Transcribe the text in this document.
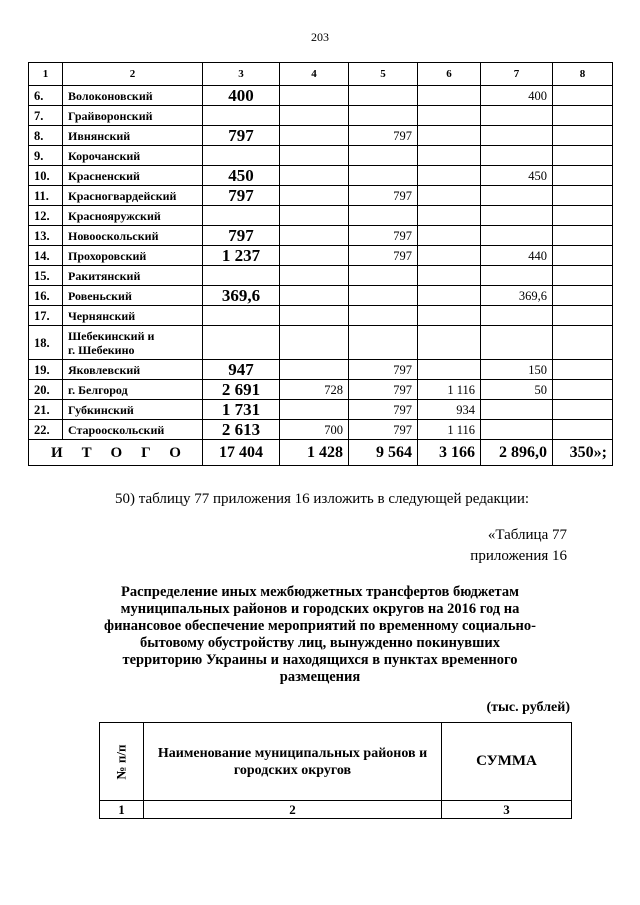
203
1	2	3	4	5	6	7	8
6.	Волоконовский	400				400	
7.	Грайворонский						
8.	Ивнянский	797		797			
9.	Корочанский						
10.	Красненский	450				450	
11.	Красногвардейский	797		797			
12.	Краснояружский						
13.	Новооскольский	797		797			
14.	Прохоровский	1 237		797		440	
15.	Ракитянский						
16.	Ровеньский	369,6				369,6	
17.	Чернянский						
18.	Шебекинский и
г. Шебекино						

19.	Яковлевский	947		797		150	
20.	г. Белгород	2 691	728	797	1 116	50	
21.	Губкинский	1 731		797	934		
22.	Старооскольский	2 613	700	797	1 116		
ИТОГО		17 404	1 428	9 564	3 166	2 896,0	350»;
50) таблицу 77 приложения 16 изложить в следующей редакции:
«Таблица 77
приложения 16
Распределение иных межбюджетных трансфертов бюджетам
муниципальных районов и городских округов на 2016 год на
финансовое обеспечение мероприятий по временному социально-
бытовому обустройству лиц, вынужденно покинувших
территорию Украины и находящихся в пунктах временного
размещения
(тыс. рублей)
№ п/п	Наименование муниципальных районов и
городских округов	СУММА
1	2	3
